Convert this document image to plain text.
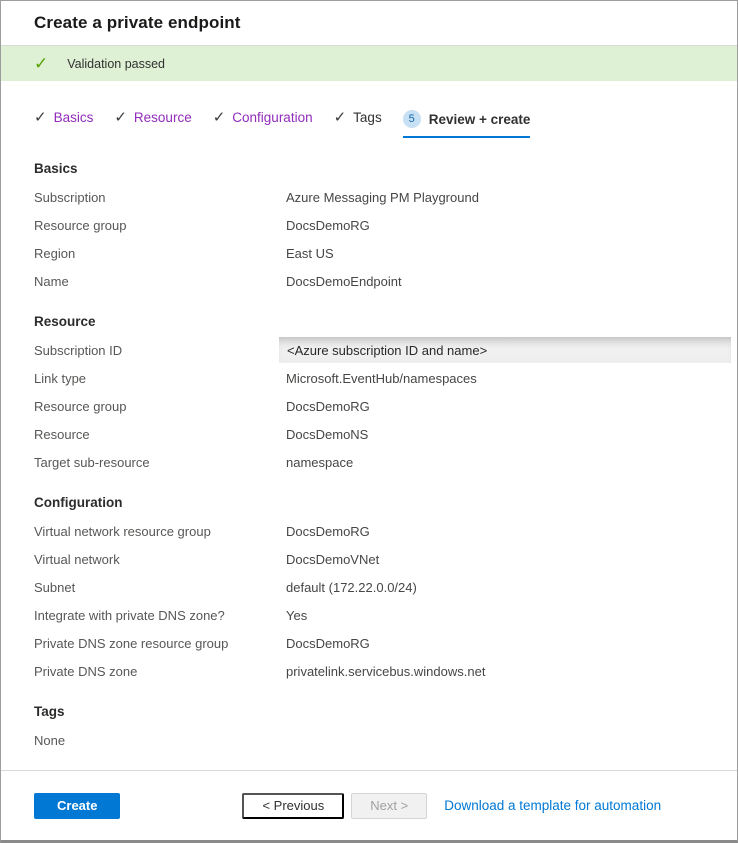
Create a private endpoint
✓ Validation passed
✓ Basics ✓ Resource ✓ Configuration ✓ Tags	5	Review + create
Basics
Subscription	Azure Messaging PM Playground
Resource group	DocsDemoRG
Region	East US
Name	DocsDemoEndpoint
Resource
Subscription ID	<Azure subscription ID and name>
Link type	Microsoft.EventHub/namespaces
Resource group	DocsDemoRG
Resource	DocsDemoNS
Target sub-resource	namespace
Configuration
Virtual network resource group	DocsDemoRG
Virtual network	DocsDemoVNet
Subnet	default (172.22.0.0/24)
Integrate with private DNS zone?	Yes
Private DNS zone resource group	DocsDemoRG
Private DNS zone	privatelink.servicebus.windows.net
Tags
None
Create	< Previous	Next >	Download a template for automation
